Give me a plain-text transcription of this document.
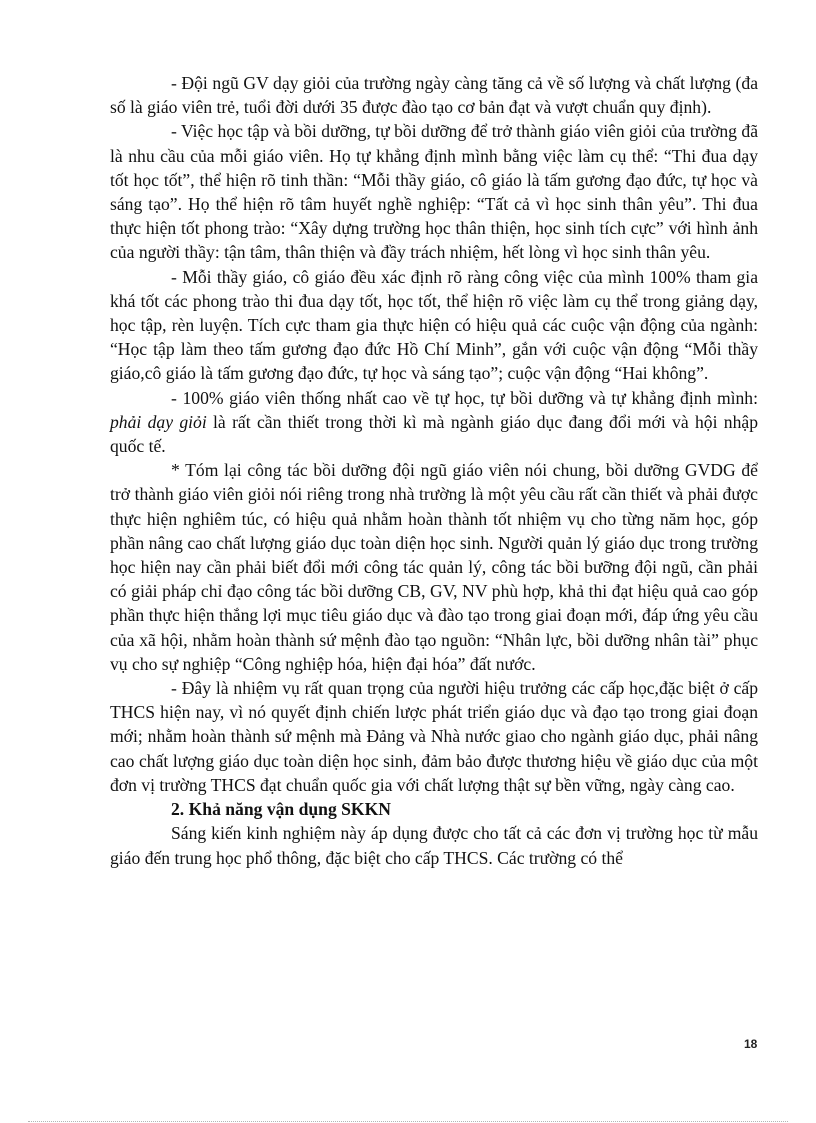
- Đội ngũ GV dạy giỏi của trường ngày càng tăng cả về số lượng và chất lượng (đa số là giáo viên trẻ, tuổi đời dưới 35 được đào tạo cơ bản đạt và vượt chuẩn quy định).

- Việc học tập và bồi dưỡng, tự bồi dưỡng để trở thành giáo viên giỏi của trường đã là nhu cầu của mỗi giáo viên. Họ tự khẳng định mình bằng việc làm cụ thể: “Thi đua dạy tốt học tốt”, thể hiện rõ tinh thần: “Mỗi thầy giáo, cô giáo là tấm gương đạo đức, tự học và sáng tạo”. Họ thể hiện rõ tâm huyết nghề nghiệp: “Tất cả vì học sinh thân yêu”. Thi đua thực hiện tốt phong trào: “Xây dựng trường học thân thiện, học sinh tích cực” với hình ảnh của người thầy: tận tâm, thân thiện và đầy trách nhiệm, hết lòng vì học sinh thân yêu.

- Mỗi thầy giáo, cô giáo đều xác định rõ ràng công việc của mình 100% tham gia khá tốt các phong trào thi đua dạy tốt, học tốt, thể hiện rõ việc làm cụ thể trong giảng dạy, học tập, rèn luyện. Tích cực tham gia thực hiện có hiệu quả các cuộc vận động của ngành: “Học tập làm theo tấm gương đạo đức Hồ Chí Minh”, gắn với cuộc vận động “Mỗi thầy giáo,cô giáo là tấm gương đạo đức, tự học và sáng tạo”; cuộc vận động “Hai không”.

- 100% giáo viên thống nhất cao về tự học, tự bồi dưỡng và tự khẳng định mình: phải dạy giỏi là rất cần thiết trong thời kì mà ngành giáo dục đang đổi mới và hội nhập quốc tế.

* Tóm lại công tác bồi dưỡng đội ngũ giáo viên nói chung, bồi dưỡng GVDG để trở thành giáo viên giỏi nói riêng trong nhà trường là một yêu cầu rất cần thiết và phải được thực hiện nghiêm túc, có hiệu quả nhằm hoàn thành tốt nhiệm vụ cho từng năm học, góp phần nâng cao chất lượng giáo dục toàn diện học sinh. Người quản lý giáo dục trong trường học hiện nay cần phải biết đổi mới công tác quản lý, công tác bồi bưỡng đội ngũ, cần phải có giải pháp chỉ đạo công tác bồi dưỡng CB, GV, NV phù hợp, khả thi đạt hiệu quả cao góp phần thực hiện thắng lợi mục tiêu giáo dục và đào tạo trong giai đoạn mới, đáp ứng yêu cầu của xã hội, nhằm hoàn thành sứ mệnh đào tạo nguồn: “Nhân lực, bồi dưỡng nhân tài” phục vụ cho sự nghiệp “Công nghiệp hóa, hiện đại hóa” đất nước.

- Đây là nhiệm vụ rất quan trọng của người hiệu trưởng các cấp học,đặc biệt ở cấp THCS hiện nay, vì nó quyết định chiến lược phát triển giáo dục và đạo tạo trong giai đoạn mới; nhằm hoàn thành sứ mệnh mà Đảng và Nhà nước giao cho ngành giáo dục, phải nâng cao chất lượng giáo dục toàn diện học sinh, đảm bảo được thương hiệu về giáo dục của một đơn vị trường THCS đạt chuẩn quốc gia với chất lượng thật sự bền vững, ngày càng cao.

2. Khả năng vận dụng SKKN

Sáng kiến kinh nghiệm này áp dụng được cho tất cả các đơn vị trường học từ mẫu giáo đến trung học phổ thông, đặc biệt cho cấp THCS. Các trường có thể

18
